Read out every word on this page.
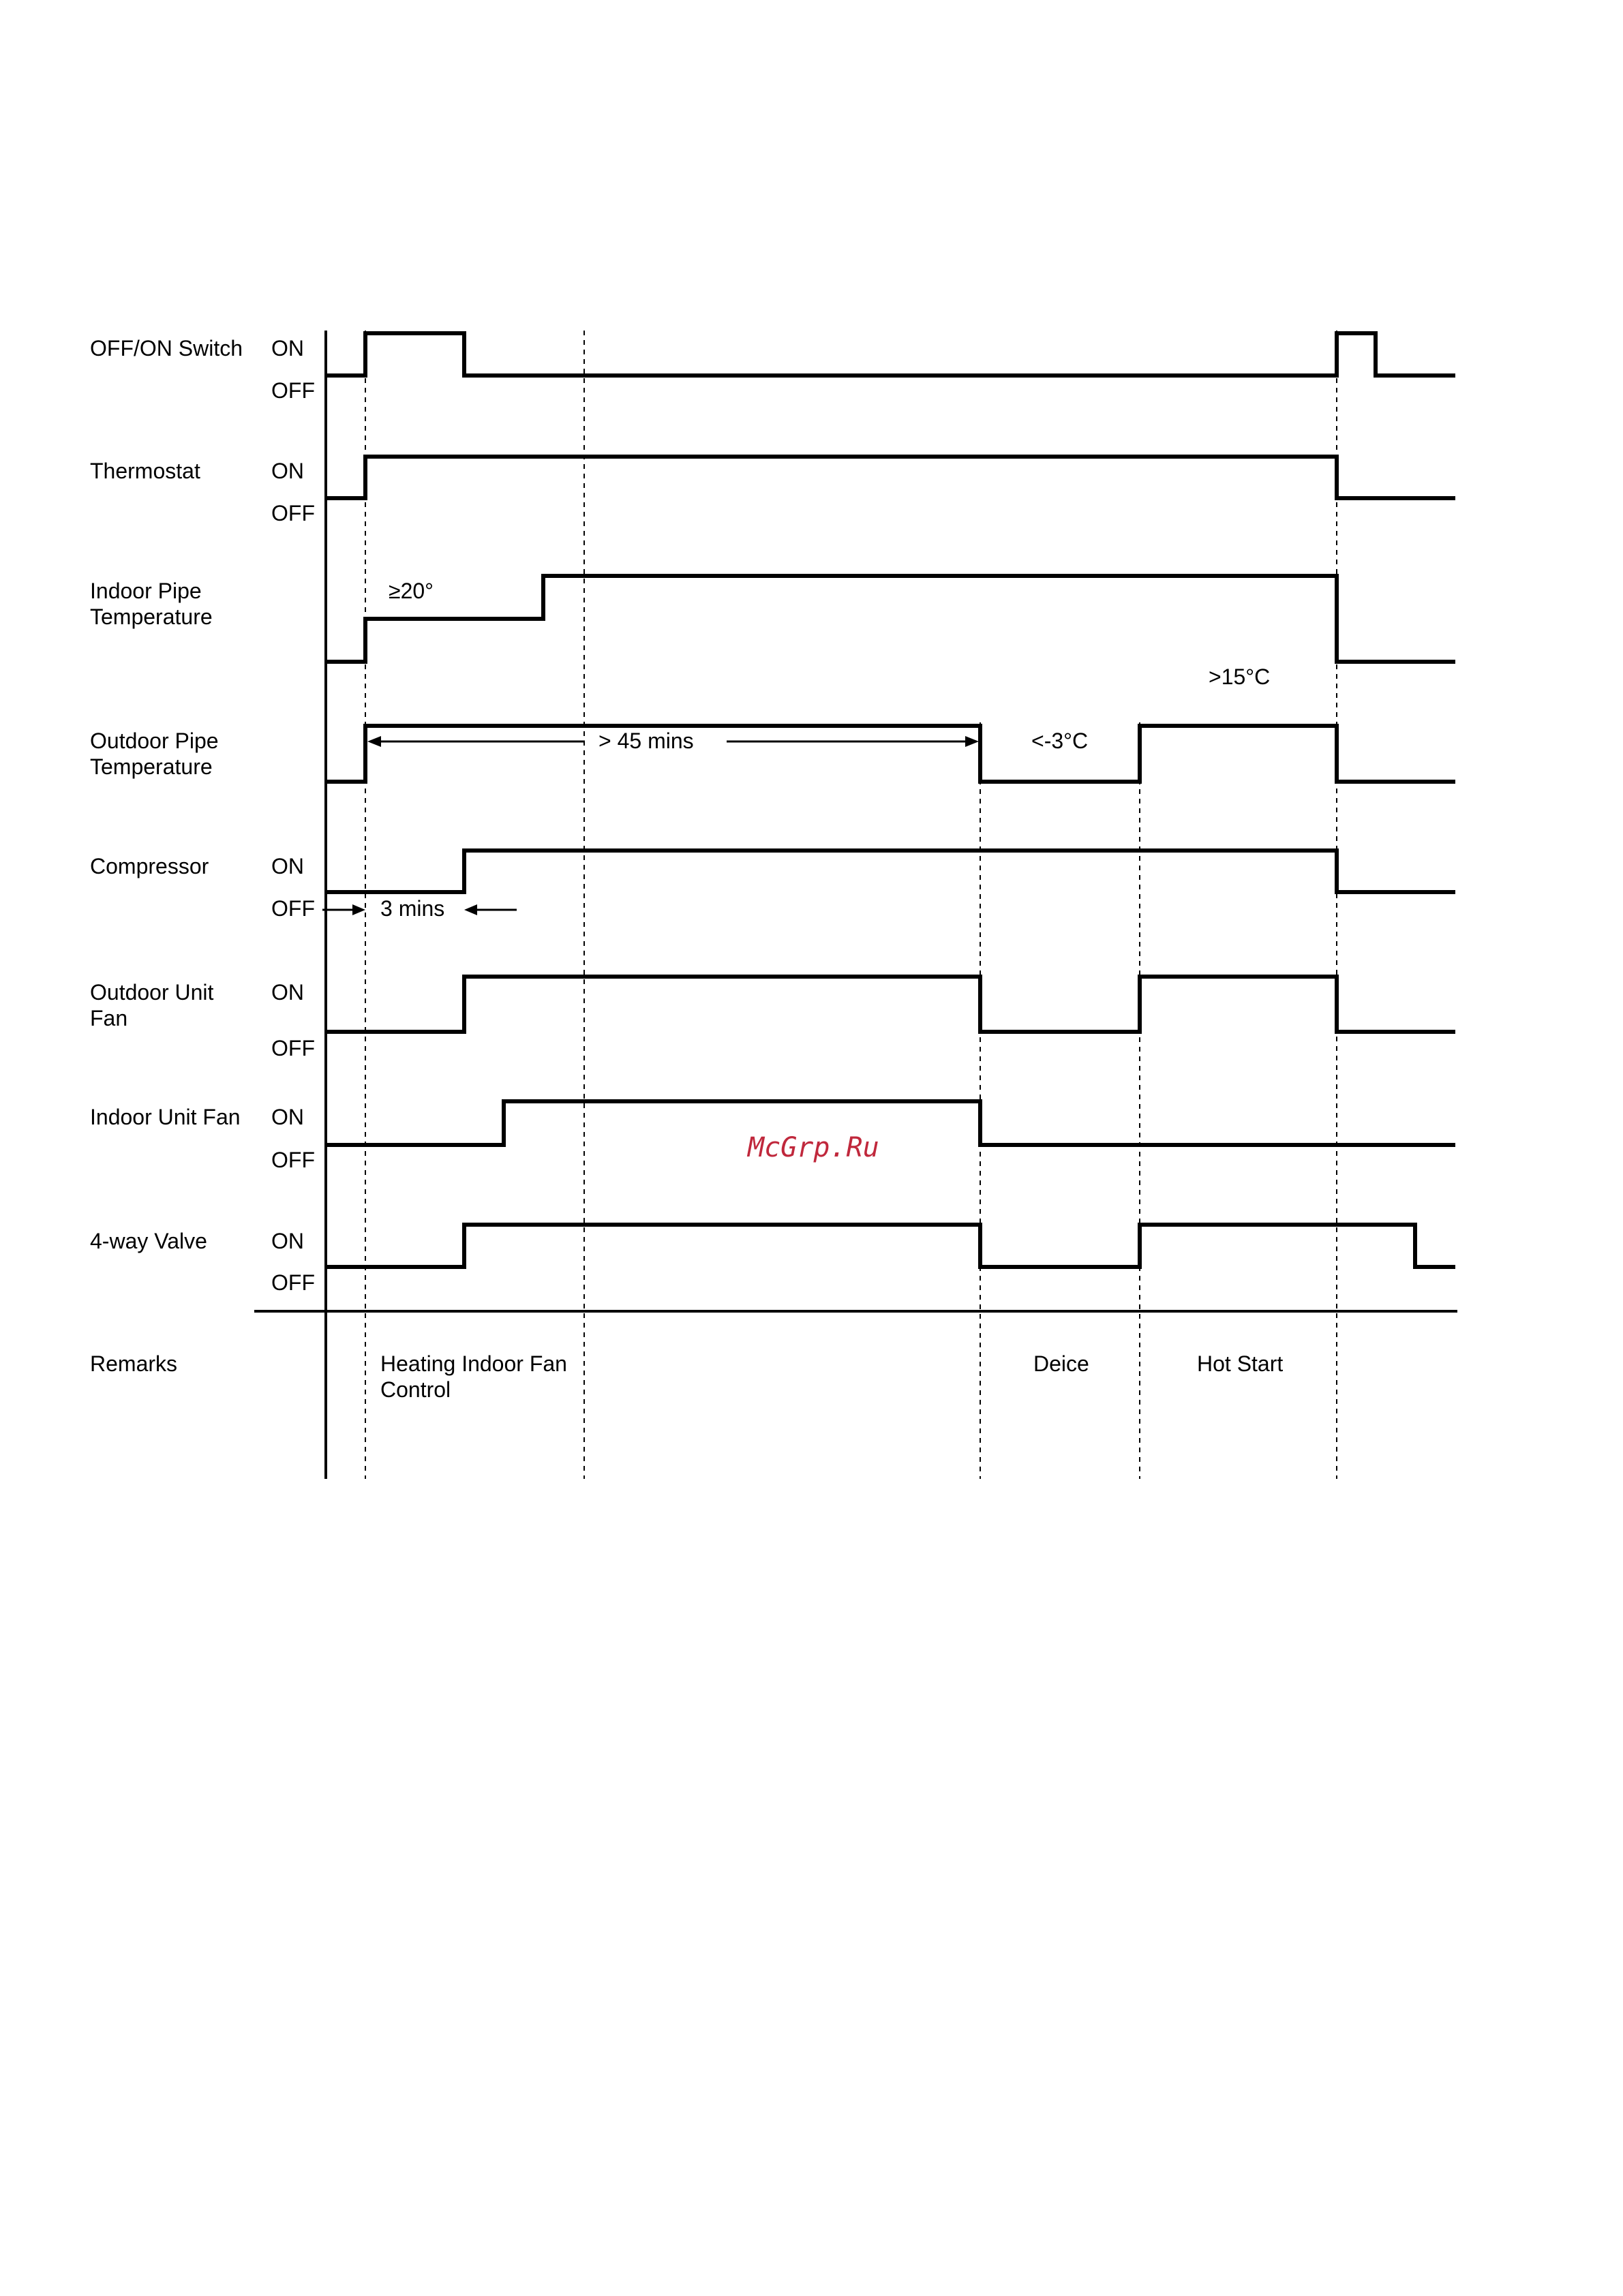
OFF/ON Switch
Thermostat
Indoor Pipe Temperature
Outdoor Pipe Temperature
Compressor
Outdoor Unit Fan
Indoor Unit Fan
4-way Valve
ON
OFF
ON
OFF
ON
OFF
ON
OFF
ON
OFF
ON
OFF
≥20°
>15°C
> 45 mins	<-3°C
3 mins
Remarks	Heating Indoor Fan Control
Deice	Hot Start
McGrp.Ru
